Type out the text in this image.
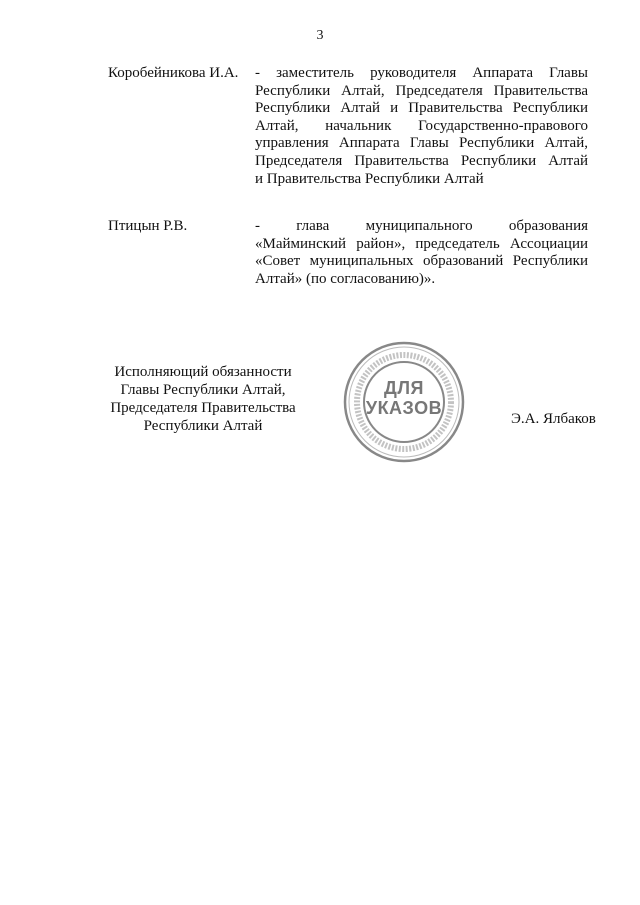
3
Коробейникова И.А. - заместитель руководителя Аппарата Главы
Республики Алтай, Председателя Правительства
Республики Алтай и Правительства Республики
Алтай, начальник Государственно-правового
управления Аппарата Главы Республики Алтай,
Председателя Правительства Республики Алтай
и Правительства Республики Алтай
Птицын Р.В.	- глава муниципального образования
«Майминский район», председатель Ассоциации
«Совет муниципальных образований Республики
Алтай» (по согласованию)».
Исполняющий обязанности
Главы Республики Алтай,
Председателя Правительства
Республики Алтай
ДЛЯ
УКАЗОВ
Э.А. Ялбаков
